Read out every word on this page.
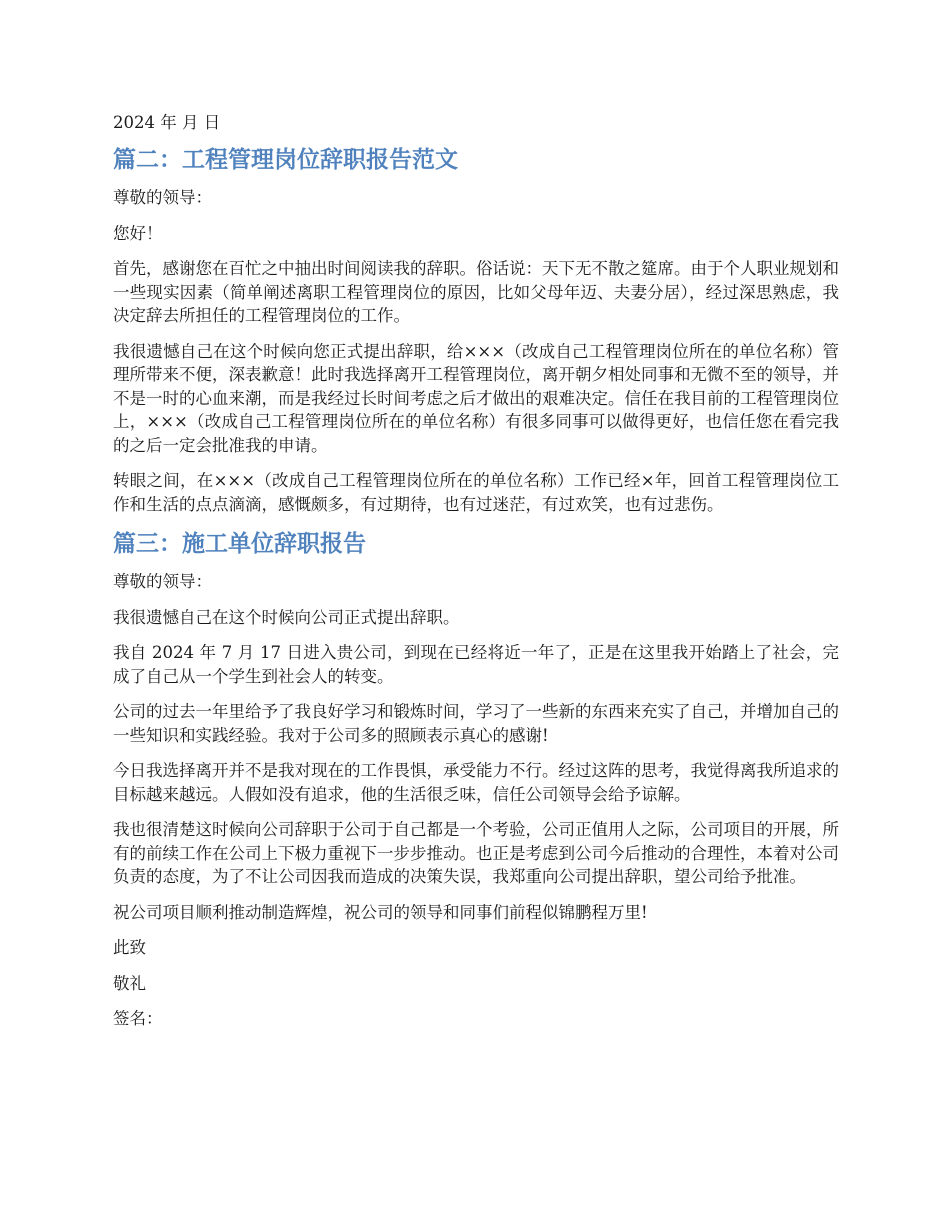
2024 年 月 日
篇二：工程管理岗位辞职报告范文

尊敬的领导：

您好！

首先，感谢您在百忙之中抽出时间阅读我的辞职。俗话说：天下无不散之筵席。由于个人职业规划和一些现实因素（简单阐述离职工程管理岗位的原因，比如父母年迈、夫妻分居），经过深思熟虑，我决定辞去所担任的工程管理岗位的工作。

我很遗憾自己在这个时候向您正式提出辞职，给×××（改成自己工程管理岗位所在的单位名称）管理所带来不便，深表歉意！此时我选择离开工程管理岗位，离开朝夕相处同事和无微不至的领导，并不是一时的心血来潮，而是我经过长时间考虑之后才做出的艰难决定。信任在我目前的工程管理岗位上，×××（改成自己工程管理岗位所在的单位名称）有很多同事可以做得更好，也信任您在看完我的之后一定会批准我的申请。

转眼之间，在×××（改成自己工程管理岗位所在的单位名称）工作已经×年，回首工程管理岗位工作和生活的点点滴滴，感慨颇多，有过期待，也有过迷茫，有过欢笑，也有过悲伤。

篇三：施工单位辞职报告

尊敬的领导：

我很遗憾自己在这个时候向公司正式提出辞职。

我自 2024 年 7 月 17 日进入贵公司，到现在已经将近一年了，正是在这里我开始踏上了社会，完成了自己从一个学生到社会人的转变。

公司的过去一年里给予了我良好学习和锻炼时间，学习了一些新的东西来充实了自己，并增加自己的一些知识和实践经验。我对于公司多的照顾表示真心的感谢!

今日我选择离开并不是我对现在的工作畏惧，承受能力不行。经过这阵的思考，我觉得离我所追求的目标越来越远。人假如没有追求，他的生活很乏味，信任公司领导会给予谅解。

我也很清楚这时候向公司辞职于公司于自己都是一个考验，公司正值用人之际，公司项目的开展，所有的前续工作在公司上下极力重视下一步步推动。也正是考虑到公司今后推动的合理性，本着对公司负责的态度，为了不让公司因我而造成的决策失误，我郑重向公司提出辞职，望公司给予批准。

祝公司项目顺利推动制造辉煌，祝公司的领导和同事们前程似锦鹏程万里!

此致

敬礼

签名：
